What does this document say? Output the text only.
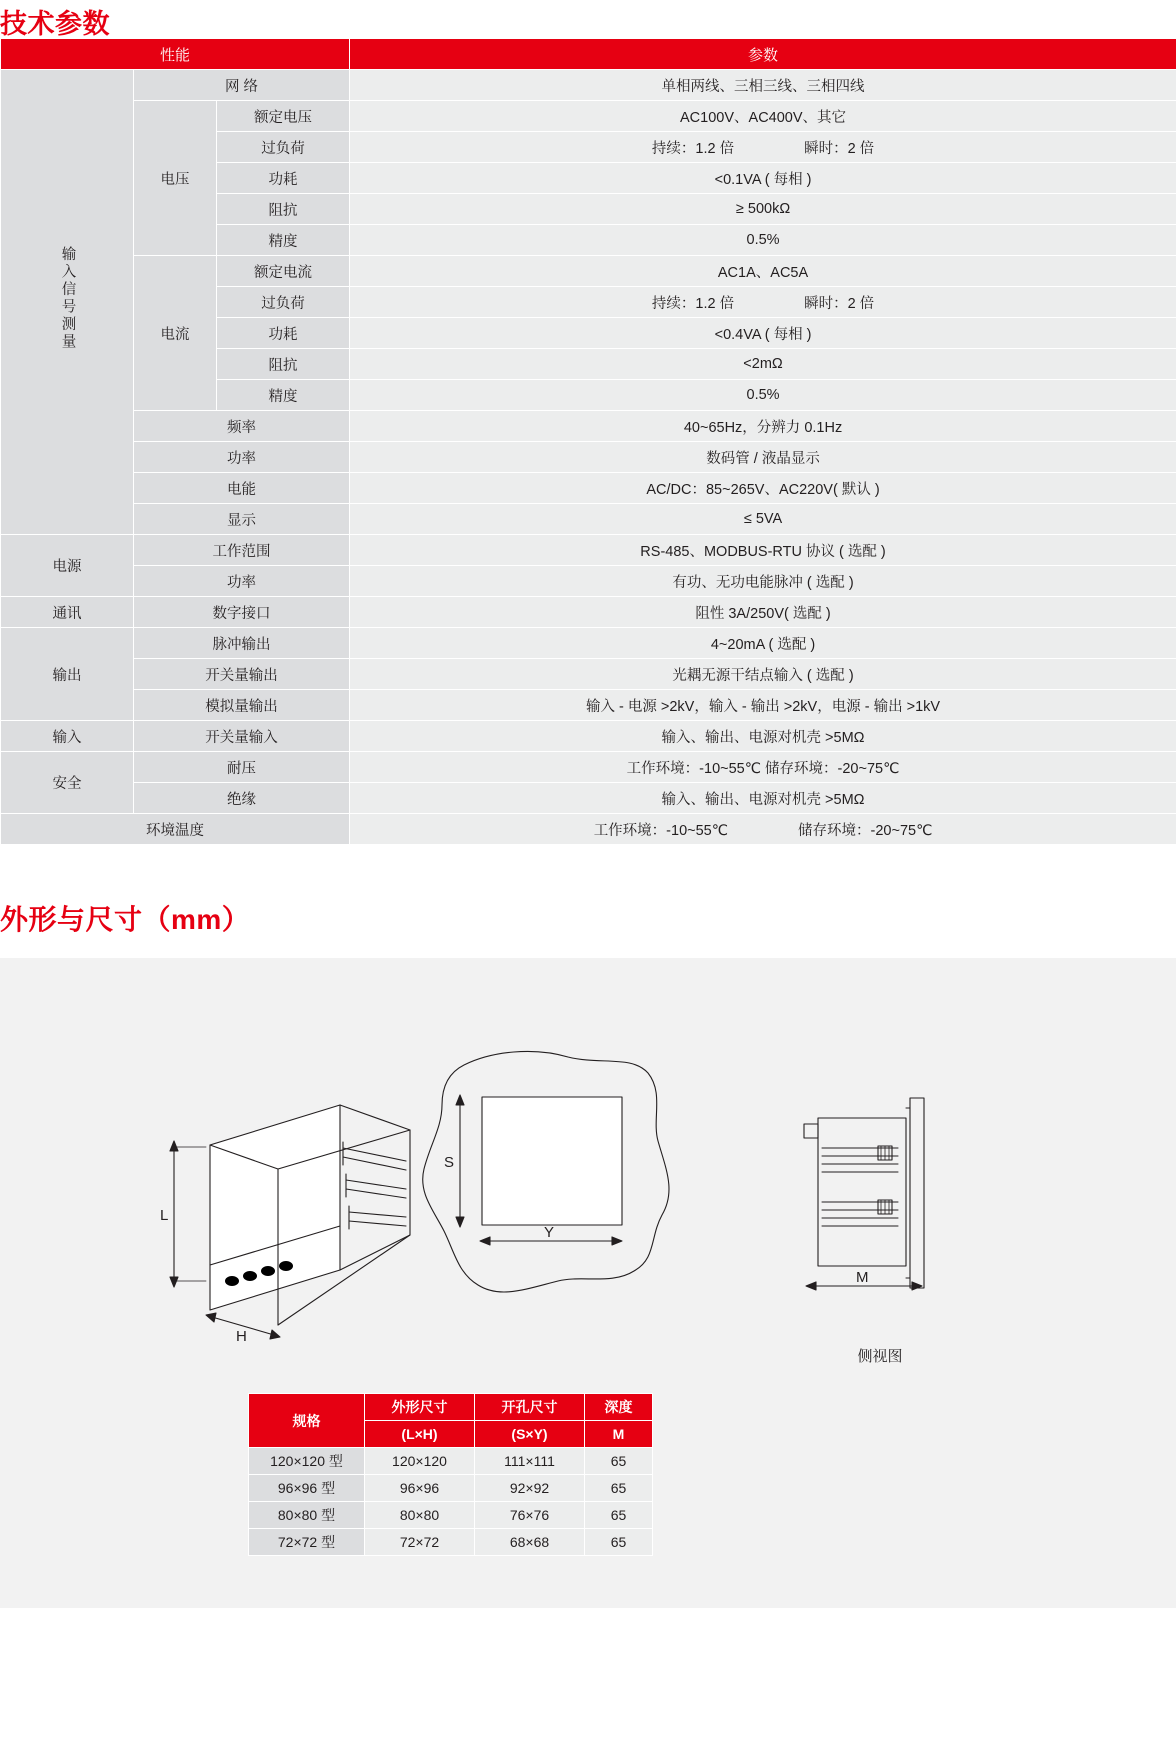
技术参数
性能			参数
输入信号测量	网 络		单相两线、三相三线、三相四线
	电压	额定电压	AC100V、AC400V、其它
		过负荷	持续：1.2 倍 瞬时：2 倍

		功耗	<0.1VA ( 每相 )
		阻抗	≥ 500kΩ
		精度	0.5%
	电流	额定电流	AC1A、AC5A
		过负荷	持续：1.2 倍 瞬时：2 倍

		功耗	<0.4VA ( 每相 )
		阻抗	<2mΩ
		精度	0.5%
	频率		40~65Hz，分辨力 0.1Hz
	功率		数码管 / 液晶显示
	电能		AC/DC：85~265V、AC220V( 默认 )
	显示		≤ 5VA
电源	工作范围		RS-485、MODBUS-RTU 协议 ( 选配 )
	功率		有功、无功电能脉冲 ( 选配 )
通讯	数字接口		阻性 3A/250V( 选配 )
输出	脉冲输出		4~20mA ( 选配 )
	开关量输出		光耦无源干结点输入 ( 选配 )
	模拟量输出		输入 - 电源 >2kV，输入 - 输出 >2kV，电源 - 输出 >1kV
输入	开关量输入		输入、输出、电源对机壳 >5MΩ
安全	耐压		工作环境：-10~55℃ 储存环境：-20~75℃
	绝缘		输入、输出、电源对机壳 >5MΩ
环境温度			工作环境：-10~55℃ 储存环境：-20~75℃
外形与尺寸（mm）
L
H
S
Y
M
侧视图
规格	外形尺寸	开孔尺寸	深度
	(L×H)	(S×Y)	M
120×120 型	120×120	111×111	65
96×96 型	96×96	92×92	65
80×80 型	80×80	76×76	65
72×72 型	72×72	68×68	65
